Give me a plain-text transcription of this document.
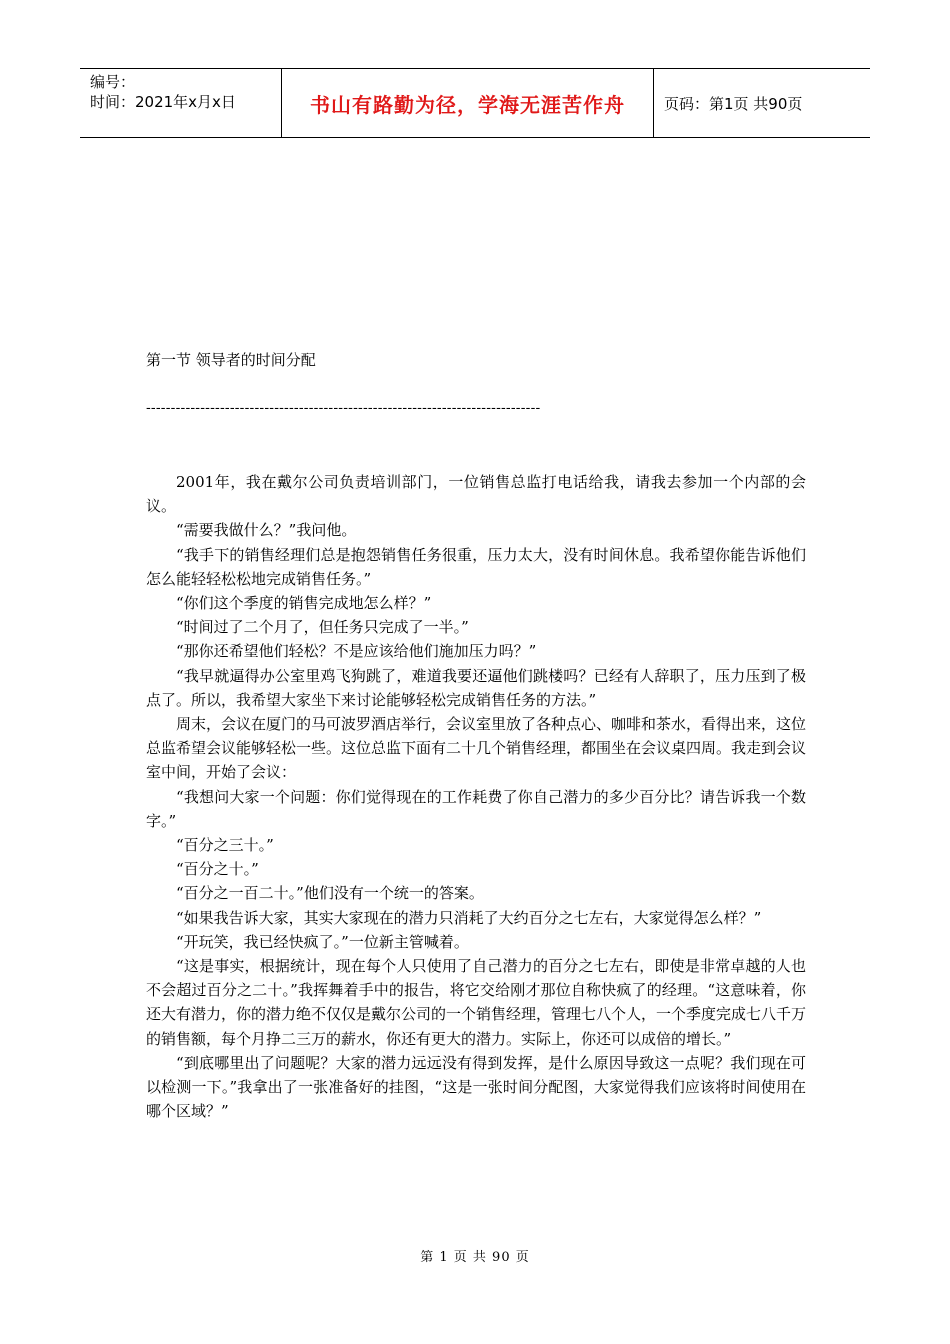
编号：
时间：2021年x月x日	书山有路勤为径，学海无涯苦作舟	页码：第1页 共90页
第一节 领导者的时间分配
--------------------------------------------------------------------------------

2001年，我在戴尔公司负责培训部门，一位销售总监打电话给我，请我去参加一个内部的会议。

“需要我做什么？”我问他。

“我手下的销售经理们总是抱怨销售任务很重，压力太大，没有时间休息。我希望你能告诉他们怎么能轻轻松松地完成销售任务。”

“你们这个季度的销售完成地怎么样？”

“时间过了二个月了，但任务只完成了一半。”

“那你还希望他们轻松？不是应该给他们施加压力吗？”

“我早就逼得办公室里鸡飞狗跳了，难道我要还逼他们跳楼吗？已经有人辞职了，压力压到了极点了。所以，我希望大家坐下来讨论能够轻松完成销售任务的方法。”

周末，会议在厦门的马可波罗酒店举行，会议室里放了各种点心、咖啡和茶水，看得出来，这位总监希望会议能够轻松一些。这位总监下面有二十几个销售经理，都围坐在会议桌四周。我走到会议室中间，开始了会议：

“我想问大家一个问题：你们觉得现在的工作耗费了你自己潜力的多少百分比？请告诉我一个数字。”

“百分之三十。”

“百分之十。”

“百分之一百二十。”他们没有一个统一的答案。

“如果我告诉大家，其实大家现在的潜力只消耗了大约百分之七左右，大家觉得怎么样？”

“开玩笑，我已经快疯了。”一位新主管喊着。

“这是事实，根据统计，现在每个人只使用了自己潜力的百分之七左右，即使是非常卓越的人也不会超过百分之二十。”我挥舞着手中的报告，将它交给刚才那位自称快疯了的经理。“这意味着，你还大有潜力，你的潜力绝不仅仅是戴尔公司的一个销售经理，管理七八个人，一个季度完成七八千万的销售额，每个月挣二三万的薪水，你还有更大的潜力。实际上，你还可以成倍的增长。”

“到底哪里出了问题呢？大家的潜力远远没有得到发挥，是什么原因导致这一点呢？我们现在可以检测一下。”我拿出了一张准备好的挂图，“这是一张时间分配图，大家觉得我们应该将时间使用在哪个区域？”

第 1 页 共 90 页
